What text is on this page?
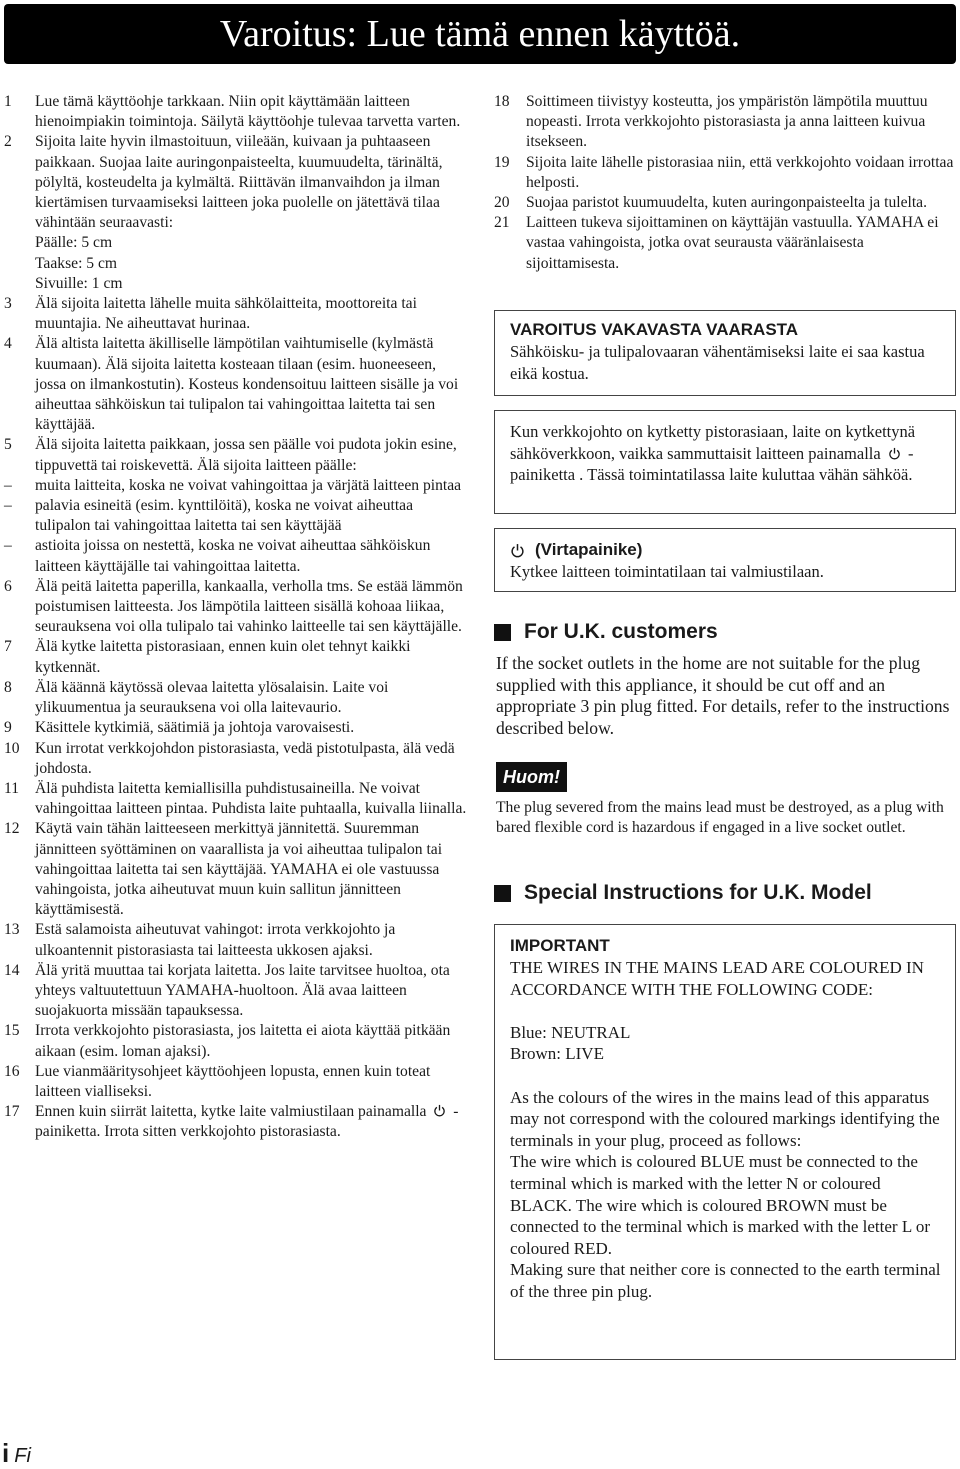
Varoitus: Lue tämä ennen käyttöä.
1	Lue tämä käyttöohje tarkkaan. Niin opit käyttämään laitteen hienoimpiakin toimintoja. Säilytä käyttöohje tulevaa tarvetta varten.
2	Sijoita laite hyvin ilmastoituun, viileään, kuivaan ja puhtaaseen paikkaan. Suojaa laite auringonpaisteelta, kuumuudelta, tärinältä, pölyltä, kosteudelta ja kylmältä. Riittävän ilmanvaihdon ja ilman kiertämisen turvaamiseksi laitteen joka puolelle on jätettävä tilaa vähintään seuraavasti:
Päälle: 5 cm
Taakse: 5 cm
Sivuille: 1 cm
3	Älä sijoita laitetta lähelle muita sähkölaitteita, moottoreita tai muuntajia. Ne aiheuttavat hurinaa.
4	Älä altista laitetta äkilliselle lämpötilan vaihtumiselle (kylmästä kuumaan). Älä sijoita laitetta kosteaan tilaan (esim. huoneeseen, jossa on ilmankostutin). Kosteus kondensoituu laitteen sisälle ja voi aiheuttaa sähköiskun tai tulipalon tai vahingoittaa laitetta tai sen käyttäjää.
5	Älä sijoita laitetta paikkaan, jossa sen päälle voi pudota jokin esine, tippuvettä tai roiskevettä. Älä sijoita laitteen päälle:
–	muita laitteita, koska ne voivat vahingoittaa ja värjätä laitteen pintaa
–	palavia esineitä (esim. kynttilöitä), koska ne voivat aiheuttaa tulipalon tai vahingoittaa laitetta tai sen käyttäjää
–	astioita joissa on nestettä, koska ne voivat aiheuttaa sähköiskun laitteen käyttäjälle tai vahingoittaa laitetta.
6	Älä peitä laitetta paperilla, kankaalla, verholla tms. Se estää lämmön poistumisen laitteesta. Jos lämpötila laitteen sisällä kohoaa liikaa, seurauksena voi olla tulipalo tai vahinko laitteelle tai sen käyttäjälle.
7	Älä kytke laitetta pistorasiaan, ennen kuin olet tehnyt kaikki kytkennät.
8	Älä käännä käytössä olevaa laitetta ylösalaisin. Laite voi ylikuumentua ja seurauksena voi olla laitevaurio.
9	Käsittele kytkimiä, säätimiä ja johtoja varovaisesti.
10 Kun irrotat verkkojohdon pistorasiasta, vedä pistotulpasta, älä vedä johdosta.
11	Älä puhdista laitetta kemiallisilla puhdistusaineilla. Ne voivat vahingoittaa laitteen pintaa. Puhdista laite puhtaalla, kuivalla liinalla.
12 Käytä vain tähän laitteeseen merkittyä jännitettä. Suuremman jännitteen syöttäminen on vaarallista ja voi aiheuttaa tulipalon tai vahingoittaa laitetta tai sen käyttäjää. YAMAHA ei ole vastuussa vahingoista, jotka aiheutuvat muun kuin sallitun jännitteen käyttämisestä.
13 Estä salamoista aiheutuvat vahingot: irrota verkkojohto ja ulkoantennit pistorasiasta tai laitteesta ukkosen ajaksi.
14 Älä yritä muuttaa tai korjata laitetta. Jos laite tarvitsee huoltoa, ota yhteys valtuutettuun YAMAHA-huoltoon. Älä avaa laitteen suojakuorta missään tapauksessa.
15 Irrota verkkojohto pistorasiasta, jos laitetta ei aiota käyttää pitkään aikaan (esim. loman ajaksi).
16 Lue vianmääritysohjeet käyttöohjeen lopusta, ennen kuin toteat laitteen vialliseksi.
17 Ennen kuin siirrät laitetta, kytke laite valmiustilaan painamalla -painiketta. Irrota sitten verkkojohto pistorasiasta.
18	Soittimeen tiivistyy kosteutta, jos ympäristön lämpötila muuttuu nopeasti. Irrota verkkojohto pistorasiasta ja anna laitteen kuivua itsekseen.
19	Sijoita laite lähelle pistorasiaa niin, että verkkojohto voidaan irrottaa helposti.
20	Suojaa paristot kuumuudelta, kuten auringonpaisteelta ja tulelta.
21	Laitteen tukeva sijoittaminen on käyttäjän vastuulla. YAMAHA ei vastaa vahingoista, jotka ovat seurausta vääränlaisesta sijoittamisesta.
VAROITUS VAKAVASTA VAARASTA
Sähköisku- ja tulipalovaaran vähentämiseksi laite ei saa kastua eikä kostua.
Kun verkkojohto on kytketty pistorasiaan, laite on kytkettynä sähköverkkoon, vaikka sammuttaisit laitteen painamalla -painiketta . Tässä toimintatilassa laite kuluttaa vähän sähköä.
(Virtapainike)
Kytkee laitteen toimintatilaan tai valmiustilaan.
For U.K. customers
If the socket outlets in the home are not suitable for the plug supplied with this appliance, it should be cut off and an appropriate 3 pin plug fitted. For details, refer to the instructions described below.
Huom!
The plug severed from the mains lead must be destroyed, as a plug with bared flexible cord is hazardous if engaged in a live socket outlet.
Special Instructions for U.K. Model
IMPORTANT
THE WIRES IN THE MAINS LEAD ARE COLOURED IN ACCORDANCE WITH THE FOLLOWING CODE:
Blue: NEUTRAL
Brown: LIVE
As the colours of the wires in the mains lead of this apparatus may not correspond with the coloured markings identifying the terminals in your plug, proceed as follows:
The wire which is coloured BLUE must be connected to the terminal which is marked with the letter N or coloured BLACK. The wire which is coloured BROWN must be connected to the terminal which is marked with the letter L or coloured RED.
Making sure that neither core is connected to the earth terminal of the three pin plug.
i Fi
